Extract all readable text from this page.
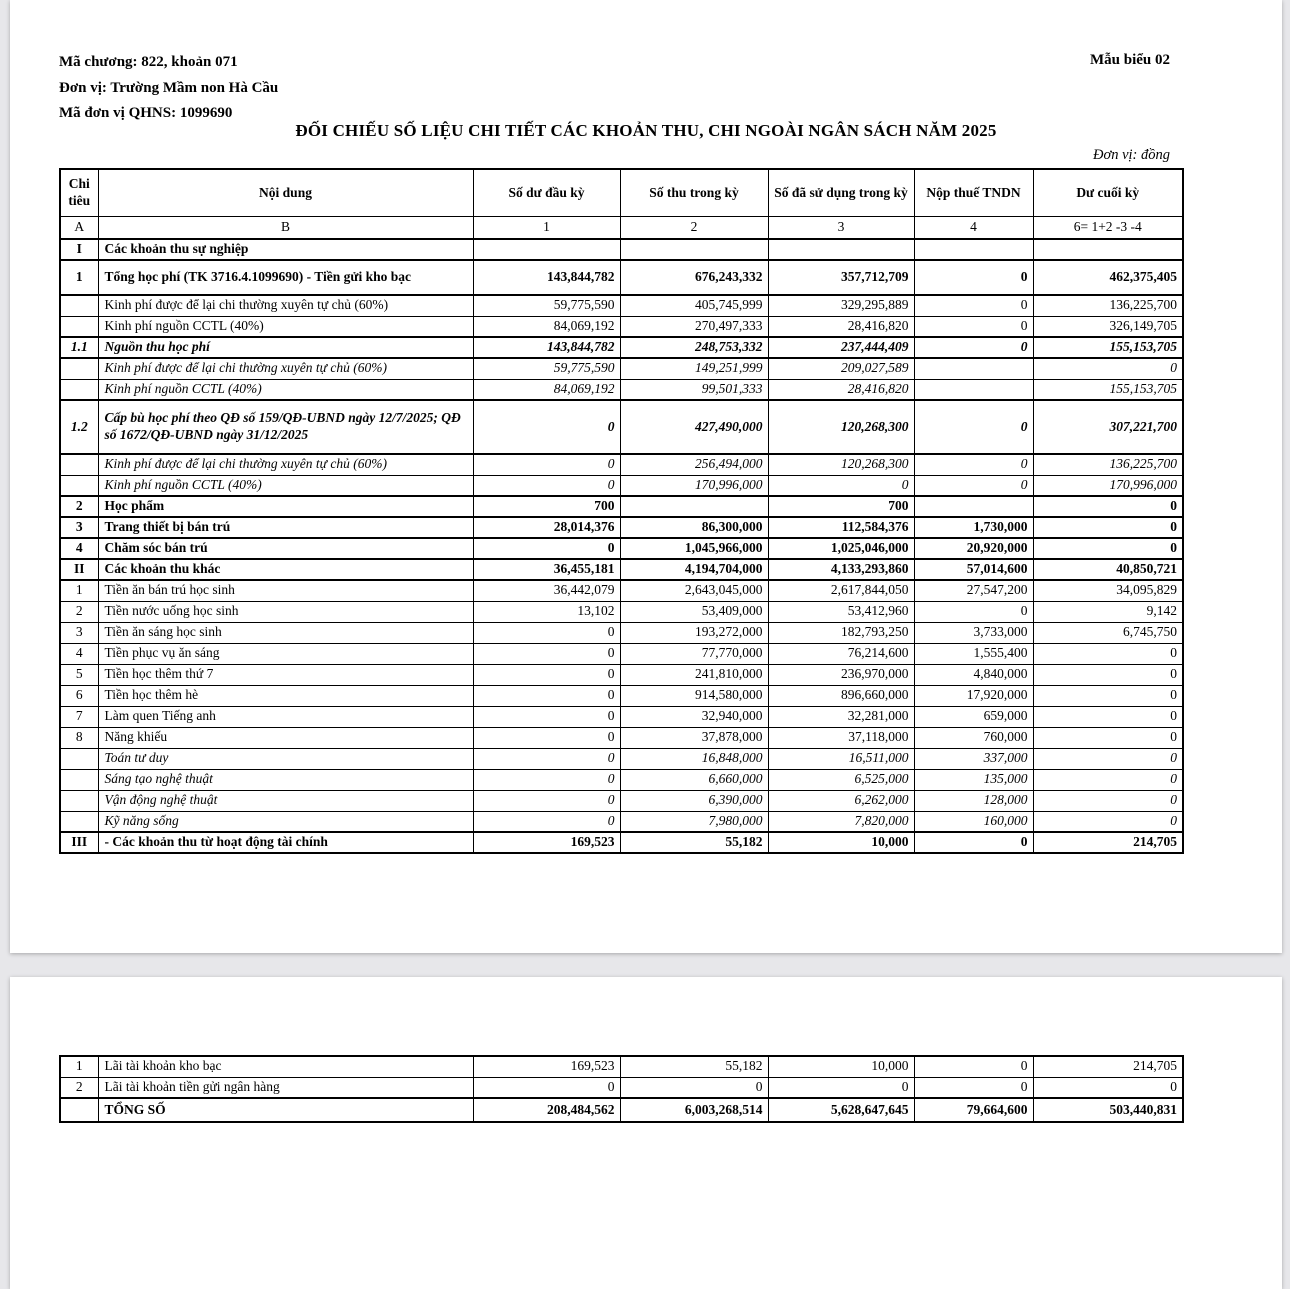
Mã chương: 822, khoản 071
Đơn vị: Trường Mầm non Hà Cầu
Mã đơn vị QHNS: 1099690
Mẫu biểu 02
ĐỐI CHIẾU SỐ LIỆU CHI TIẾT CÁC KHOẢN THU, CHI NGOÀI NGÂN SÁCH NĂM 2025
Đơn vị: đồng
Chi tiêu	Nội dung	Số dư đầu kỳ	Số thu trong kỳ	Số đã sử dụng trong kỳ	Nộp thuế TNDN	Dư cuối kỳ
A	B	1	2	3	4	6= 1+2 -3 -4
I	Các khoản thu sự nghiệp					
1	Tổng học phí (TK 3716.4.1099690) - Tiền gửi kho bạc	143,844,782	676,243,332	357,712,709	0	462,375,405
	Kinh phí được để lại chi thường xuyên tự chủ (60%)	59,775,590	405,745,999	329,295,889	0	136,225,700
	Kinh phí nguồn CCTL (40%)	84,069,192	270,497,333	28,416,820	0	326,149,705
1.1	Nguồn thu học phí	143,844,782	248,753,332	237,444,409	0	155,153,705
	Kinh phí được để lại chi thường xuyên tự chủ (60%)	59,775,590	149,251,999	209,027,589		0
	Kinh phí nguồn CCTL (40%)	84,069,192	99,501,333	28,416,820		155,153,705
1.2	Cấp bù học phí theo QĐ số 159/QĐ-UBND ngày 12/7/2025; QĐ số 1672/QĐ-UBND ngày 31/12/2025	0	427,490,000	120,268,300	0	307,221,700
	Kinh phí được để lại chi thường xuyên tự chủ (60%)	0	256,494,000	120,268,300	0	136,225,700
	Kinh phí nguồn CCTL (40%)	0	170,996,000	0	0	170,996,000
2	Học phẩm	700		700		0
3	Trang thiết bị bán trú	28,014,376	86,300,000	112,584,376	1,730,000	0
4	Chăm sóc bán trú	0	1,045,966,000	1,025,046,000	20,920,000	0
II	Các khoản thu khác	36,455,181	4,194,704,000	4,133,293,860	57,014,600	40,850,721
1	Tiền ăn bán trú học sinh	36,442,079	2,643,045,000	2,617,844,050	27,547,200	34,095,829
2	Tiền nước uống học sinh	13,102	53,409,000	53,412,960	0	9,142
3	Tiền ăn sáng học sinh	0	193,272,000	182,793,250	3,733,000	6,745,750
4	Tiền phục vụ ăn sáng	0	77,770,000	76,214,600	1,555,400	0
5	Tiền học thêm thứ 7	0	241,810,000	236,970,000	4,840,000	0
6	Tiền học thêm hè	0	914,580,000	896,660,000	17,920,000	0
7	Làm quen Tiếng anh	0	32,940,000	32,281,000	659,000	0
8	Năng khiếu	0	37,878,000	37,118,000	760,000	0
	Toán tư duy	0	16,848,000	16,511,000	337,000	0
	Sáng tạo nghệ thuật	0	6,660,000	6,525,000	135,000	0
	Vận động nghệ thuật	0	6,390,000	6,262,000	128,000	0
	Kỹ năng sống	0	7,980,000	7,820,000	160,000	0
III	- Các khoản thu từ hoạt động tài chính	169,523	55,182	10,000	0	214,705
1	Lãi tài khoản kho bạc	169,523	55,182	10,000	0	214,705
2	Lãi tài khoản tiền gửi ngân hàng	0	0	0	0	0
	TỔNG SỐ	208,484,562	6,003,268,514	5,628,647,645	79,664,600	503,440,831
